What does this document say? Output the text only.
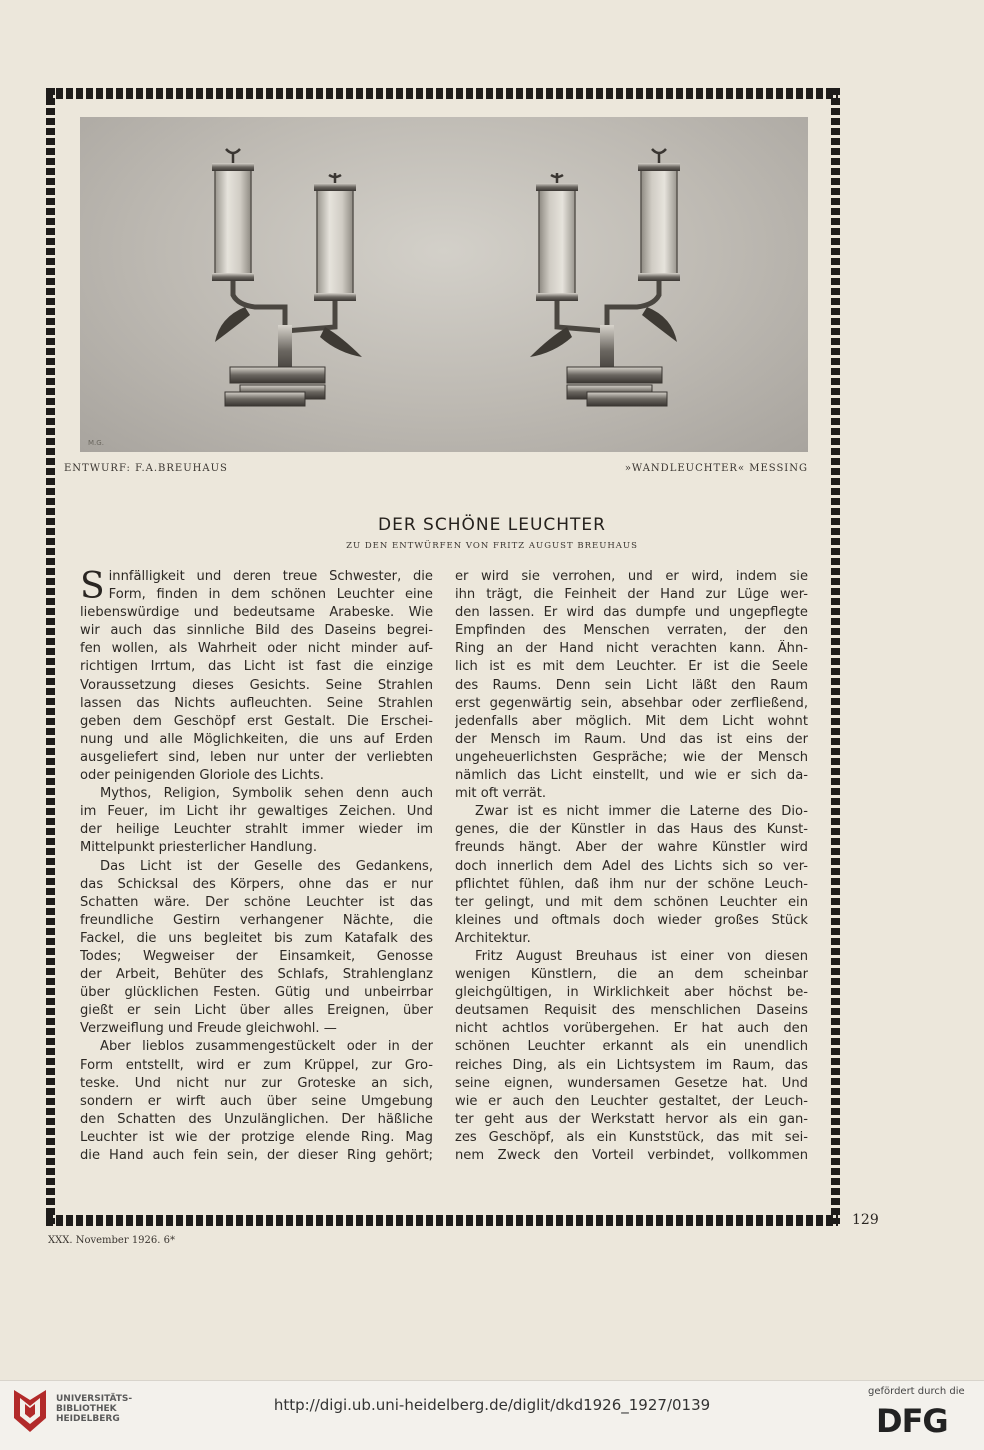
M.G.
ENTWURF: F.A.BREUHAUS	»WANDLEUCHTER« MESSING
DER SCHÖNE LEUCHTER
ZU DEN ENTWÜRFEN VON FRITZ AUGUST BREUHAUS
S innfälligkeit und deren treue Schwester, die
Form, finden in dem schönen Leuchter eine
liebenswürdige und bedeutsame Arabeske. Wie
wir auch das sinnliche Bild des Daseins begrei-
fen wollen, als Wahrheit oder nicht minder auf-
richtigen Irrtum, das Licht ist fast die einzige
Voraussetzung dieses Gesichts. Seine Strahlen
lassen das Nichts aufleuchten. Seine Strahlen
geben dem Geschöpf erst Gestalt. Die Erschei-
nung und alle Möglichkeiten, die uns auf Erden
ausgeliefert sind, leben nur unter der verliebten
oder peinigenden Gloriole des Lichts.
Mythos, Religion, Symbolik sehen denn auch
im Feuer, im Licht ihr gewaltiges Zeichen. Und
der heilige Leuchter strahlt immer wieder im
Mittelpunkt priesterlicher Handlung.
Das Licht ist der Geselle des Gedankens,
das Schicksal des Körpers, ohne das er nur
Schatten wäre. Der schöne Leuchter ist das
freundliche Gestirn verhangener Nächte, die
Fackel, die uns begleitet bis zum Katafalk des
Todes; Wegweiser der Einsamkeit, Genosse
der Arbeit, Behüter des Schlafs, Strahlenglanz
über glücklichen Festen. Gütig und unbeirrbar
gießt er sein Licht über alles Ereignen, über
Verzweiflung und Freude gleichwohl. —
Aber lieblos zusammengestückelt oder in der
Form entstellt, wird er zum Krüppel, zur Gro-
teske. Und nicht nur zur Groteske an sich,
sondern er wirft auch über seine Umgebung
den Schatten des Unzulänglichen. Der häßliche
Leuchter ist wie der protzige elende Ring. Mag
die Hand auch fein sein, der dieser Ring gehört;
er wird sie verrohen, und er wird, indem sie
ihn trägt, die Feinheit der Hand zur Lüge wer-
den lassen. Er wird das dumpfe und ungepflegte
Empfinden des Menschen verraten, der den
Ring an der Hand nicht verachten kann. Ähn-
lich ist es mit dem Leuchter. Er ist die Seele
des Raums. Denn sein Licht läßt den Raum
erst gegenwärtig sein, absehbar oder zerfließend,
jedenfalls aber möglich. Mit dem Licht wohnt
der Mensch im Raum. Und das ist eins der
ungeheuerlichsten Gespräche; wie der Mensch
nämlich das Licht einstellt, und wie er sich da-
mit oft verrät.
Zwar ist es nicht immer die Laterne des Dio-
genes, die der Künstler in das Haus des Kunst-
freunds hängt. Aber der wahre Künstler wird
doch innerlich dem Adel des Lichts sich so ver-
pflichtet fühlen, daß ihm nur der schöne Leuch-
ter gelingt, und mit dem schönen Leuchter ein
kleines und oftmals doch wieder großes Stück
Architektur.
Fritz August Breuhaus ist einer von diesen
wenigen Künstlern, die an dem scheinbar
gleichgültigen, in Wirklichkeit aber höchst be-
deutsamen Requisit des menschlichen Daseins
nicht achtlos vorübergehen. Er hat auch den
schönen Leuchter erkannt als ein unendlich
reiches Ding, als ein Lichtsystem im Raum, das
seine eignen, wundersamen Gesetze hat. Und
wie er auch den Leuchter gestaltet, der Leuch-
ter geht aus der Werkstatt hervor als ein gan-
zes Geschöpf, als ein Kunststück, das mit sei-
nem Zweck den Vorteil verbindet, vollkommen
129
XXX. November 1926. 6*
UNIVERSITÄTS-
BIBLIOTHEK
HEIDELBERG
http://digi.ub.uni-heidelberg.de/diglit/dkd1926_1927/0139
gefördert durch die
DFG
